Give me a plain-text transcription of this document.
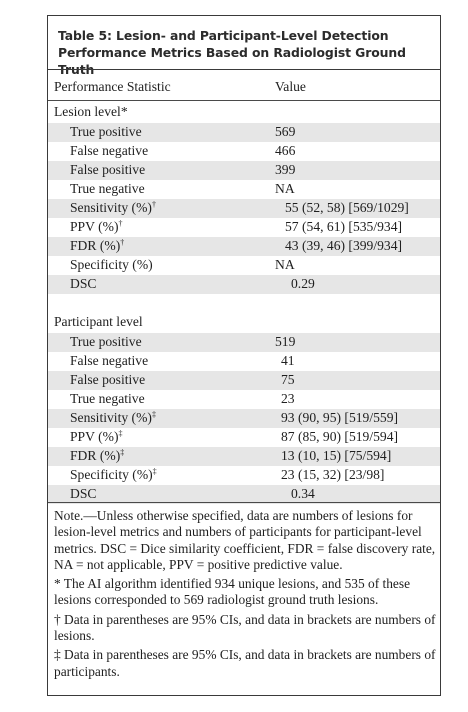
Table 5: Lesion- and Participant-Level Detection
Performance Metrics Based on Radiologist Ground Truth
Performance Statistic	Value
Lesion level*
True positive	569
False negative	466
False positive	399
True negative	NA
Sensitivity (%)†	55 (52, 58) [569/1029]
PPV (%)†	57 (54, 61) [535/934]
FDR (%)†	43 (39, 46) [399/934]
Specificity (%)	NA
DSC	0.29
Participant level
True positive	519
False negative	41
False positive	75
True negative	23
Sensitivity (%)‡	93 (90, 95) [519/559]
PPV (%)‡	87 (85, 90) [519/594]
FDR (%)‡	13 (10, 15) [75/594]
Specificity (%)‡	23 (15, 32) [23/98]
DSC	0.34

Note.—Unless otherwise specified, data are numbers of lesions for lesion-level metrics and numbers of participants for participant-level metrics. DSC = Dice similarity coefficient, FDR = false discovery rate, NA = not applicable, PPV = positive predictive value.

* The AI algorithm identified 934 unique lesions, and 535 of these lesions corresponded to 569 radiologist ground truth lesions.

† Data in parentheses are 95% CIs, and data in brackets are numbers of lesions.

‡ Data in parentheses are 95% CIs, and data in brackets are numbers of participants.
